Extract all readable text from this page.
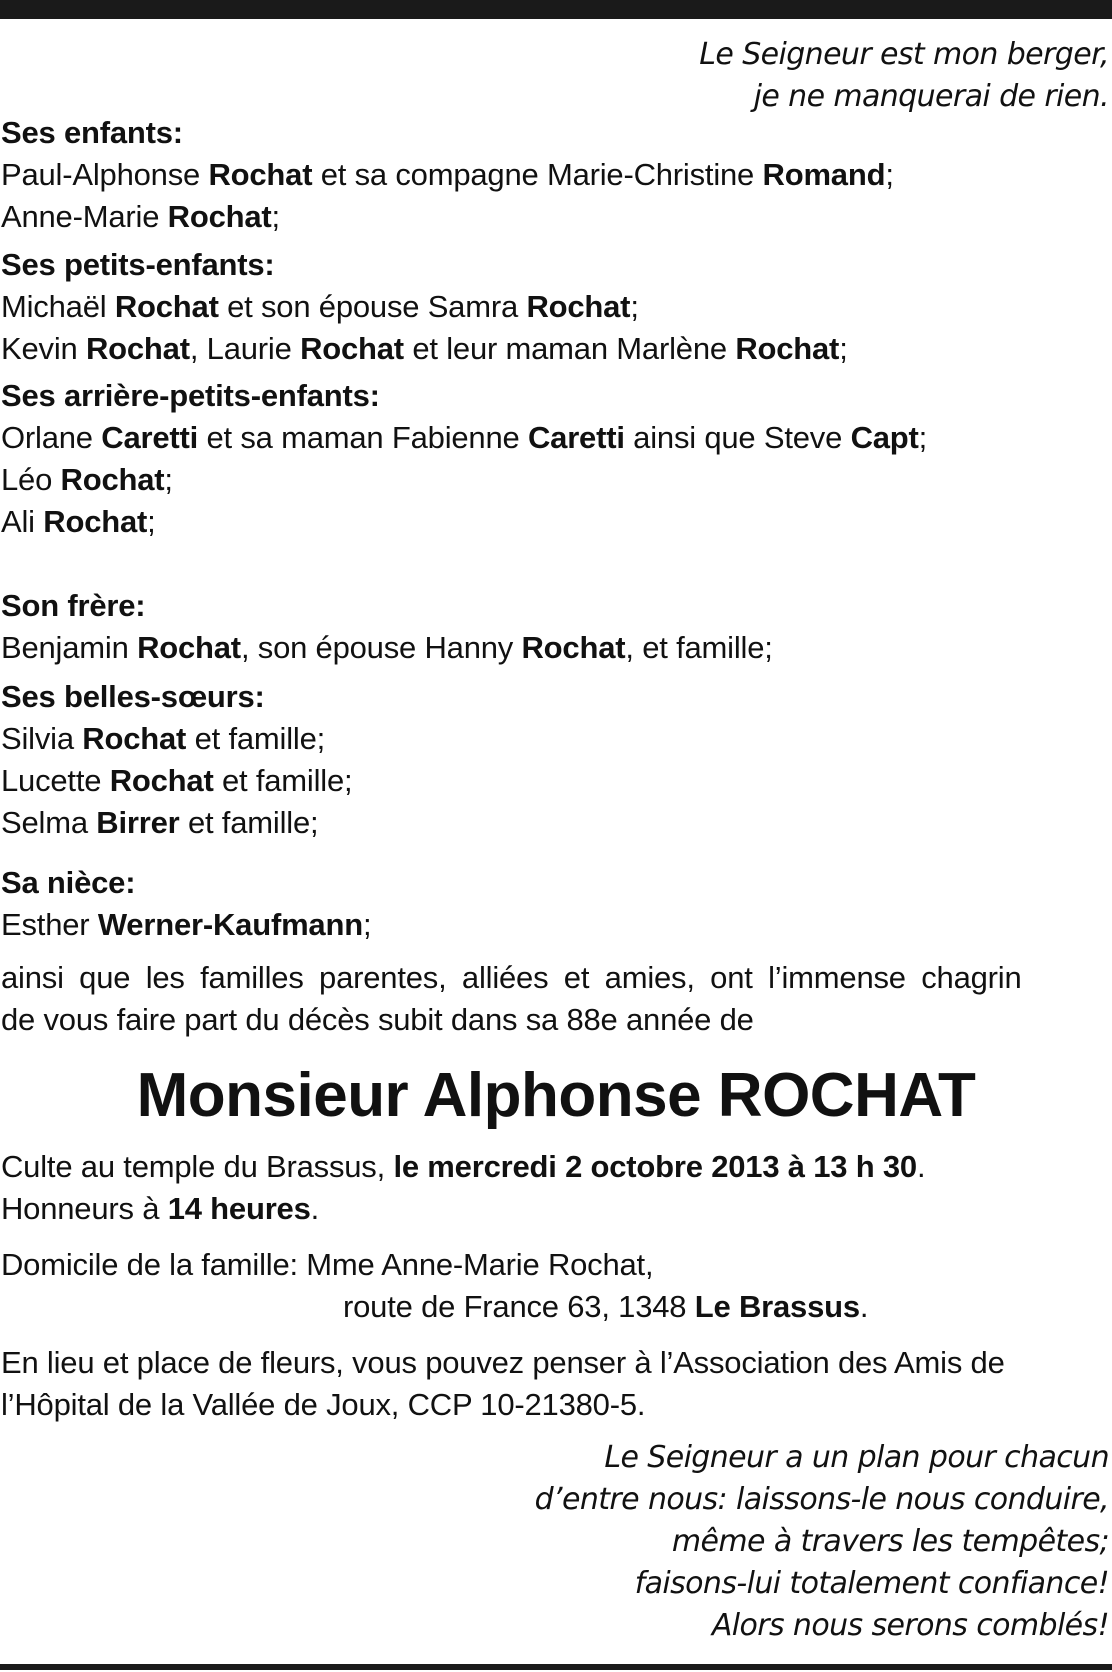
Le Seigneur est mon berger,
je ne manquerai de rien.
Ses enfants:
Paul-Alphonse Rochat et sa compagne Marie-Christine Romand;
Anne-Marie Rochat;
Ses petits-enfants:
Michaël Rochat et son épouse Samra Rochat;
Kevin Rochat, Laurie Rochat et leur maman Marlène Rochat;
Ses arrière-petits-enfants:
Orlane Caretti et sa maman Fabienne Caretti ainsi que Steve Capt;
Léo Rochat;
Ali Rochat;
Son frère:
Benjamin Rochat, son épouse Hanny Rochat, et famille;
Ses belles-sœurs:
Silvia Rochat et famille;
Lucette Rochat et famille;
Selma Birrer et famille;
Sa nièce:
Esther Werner-Kaufmann;
ainsi que les familles parentes, alliées et amies, ont l’immense chagrin
de vous faire part du décès subit dans sa 88e année de
Monsieur Alphonse ROCHAT
Culte au temple du Brassus, le mercredi 2 octobre 2013 à 13 h 30.
Honneurs à 14 heures.
Domicile de la famille: Mme Anne-Marie Rochat,
route de France 63, 1348 Le Brassus.
En lieu et place de fleurs, vous pouvez penser à l’Association des Amis de
l’Hôpital de la Vallée de Joux, CCP 10-21380-5.
Le Seigneur a un plan pour chacun
d’entre nous: laissons-le nous conduire,
même à travers les tempêtes;
faisons-lui totalement confiance!
Alors nous serons comblés!
